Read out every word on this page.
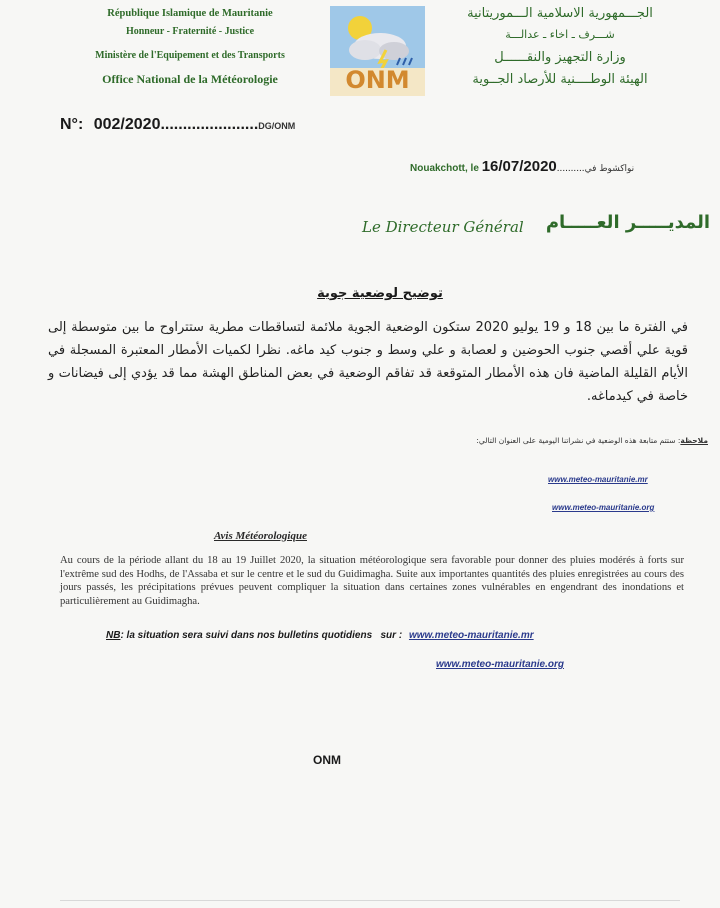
République Islamique de Mauritanie
Honneur - Fraternité - Justice
Ministère de l'Equipement et des Transports
Office National de la Météorologie	ONM
الجـــمهورية الاسلامية الـــموريتانية
شـــرف ـ اخاء ـ عدالـــة
وزارة التجهيز والنقــــــل
الهيئة الوطــــنية للأرصاد الجــوية
N°: 002/2020......................DG/ONM
Nouakchott, le 16/07/2020..........نواكشوط في
Le Directeur Général	المديـــــر العـــــام
توضيح لوضعية جوية
في الفترة ما بين 18 و 19 يوليو 2020 ستكون الوضعية الجوية ملائمة لتساقطات مطرية ستتراوح ما بين متوسطة إلى قوية علي أقصي جنوب الحوضين و لعصابة و علي وسط و جنوب كيد ماغه. نظرا لكميات الأمطار المعتبرة المسجلة في الأيام القليلة الماضية فان هذه الأمطار المتوقعة قد تفاقم الوضعية في بعض المناطق الهشة مما قد يؤدي إلى فيضانات و خاصة في كيدماغه.
ملاحظة: ستتم متابعة هذه الوضعية في نشراتنا اليومية على العنوان التالي:
www.meteo-mauritanie.mr
www.meteo-mauritanie.org
Avis Météorologique
Au cours de la période allant du 18 au 19 Juillet 2020, la situation météorologique sera favorable pour donner des pluies modérés à forts sur l'extrême sud des Hodhs, de l'Assaba et sur le centre et le sud du Guidimagha. Suite aux importantes quantités des pluies enregistrées au cours des jours passés, les précipitations prévues peuvent compliquer la situation dans certaines zones vulnérables en engendrant des inondations et particulièrement au Guidimagha.
NB: la situation sera suivi dans nos bulletins quotidiens   sur : www.meteo-mauritanie.mr
www.meteo-mauritanie.org
ONM
